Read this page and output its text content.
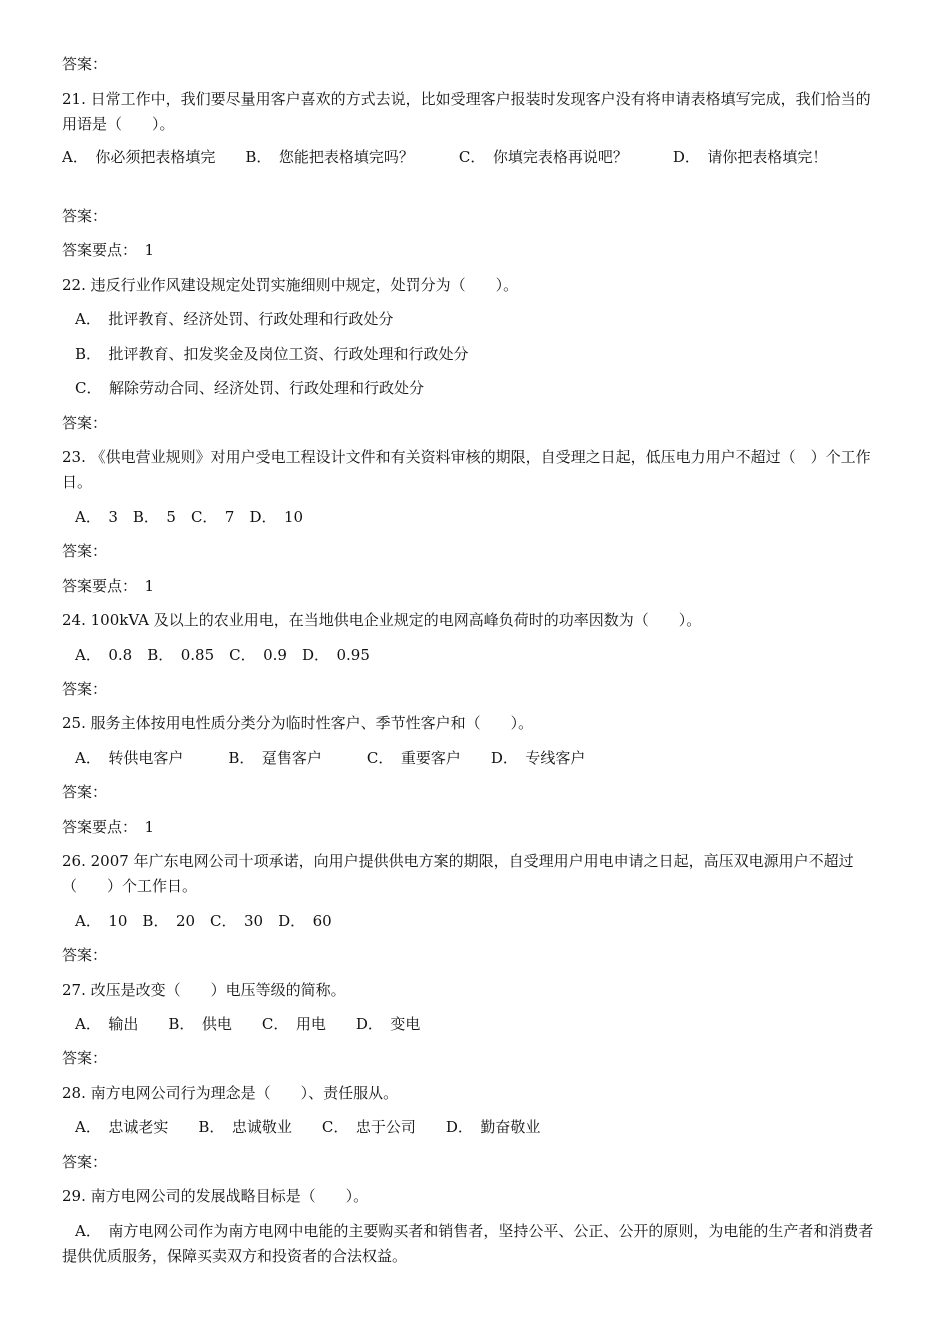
答案：
21. 日常工作中，我们要尽量用客户喜欢的方式去说，比如受理客户报装时发现客户没有将申请表格填写完成，我们恰当的用语是（　　）。
A．　你必须把表格填完　　B．　您能把表格填完吗？　　　C．　你填完表格再说吧？　　　D．　请你把表格填完！
答案：
答案要点：　1
22. 违反行业作风建设规定处罚实施细则中规定，处罚分为（　　）。
A．　批评教育、经济处罚、行政处理和行政处分
B．　批评教育、扣发奖金及岗位工资、行政处理和行政处分
C．　解除劳动合同、经济处罚、行政处理和行政处分
答案：
23. 《供电营业规则》对用户受电工程设计文件和有关资料审核的期限，自受理之日起，低压电力用户不超过（　）个工作日。
A．　3　B．　5　C．　7　D．　10
答案：
答案要点：　1
24. 100kVA 及以上的农业用电，在当地供电企业规定的电网高峰负荷时的功率因数为（　　）。
A．　0.8　B．　0.85　C．　0.9　D．　0.95
答案：
25. 服务主体按用电性质分类分为临时性客户、季节性客户和（　　）。
A．　转供电客户　　　B．　趸售客户　　　C．　重要客户　　D．　专线客户
答案：
答案要点：　1
26. 2007 年广东电网公司十项承诺，向用户提供供电方案的期限，自受理用户用电申请之日起，高压双电源用户不超过（　　）个工作日。
A．　10　B．　20　C．　30　D．　60
答案：
27. 改压是改变（　　）电压等级的简称。
A．　输出　　B．　供电　　C．　用电　　D．　变电
答案：
28. 南方电网公司行为理念是（　　）、责任服从。
A．　忠诚老实　　B．　忠诚敬业　　C．　忠于公司　　D．　勤奋敬业
答案：
29. 南方电网公司的发展战略目标是（　　）。
A．　南方电网公司作为南方电网中电能的主要购买者和销售者，坚持公平、公正、公开的原则，为电能的生产者和消费者提供优质服务，保障买卖双方和投资者的合法权益。
